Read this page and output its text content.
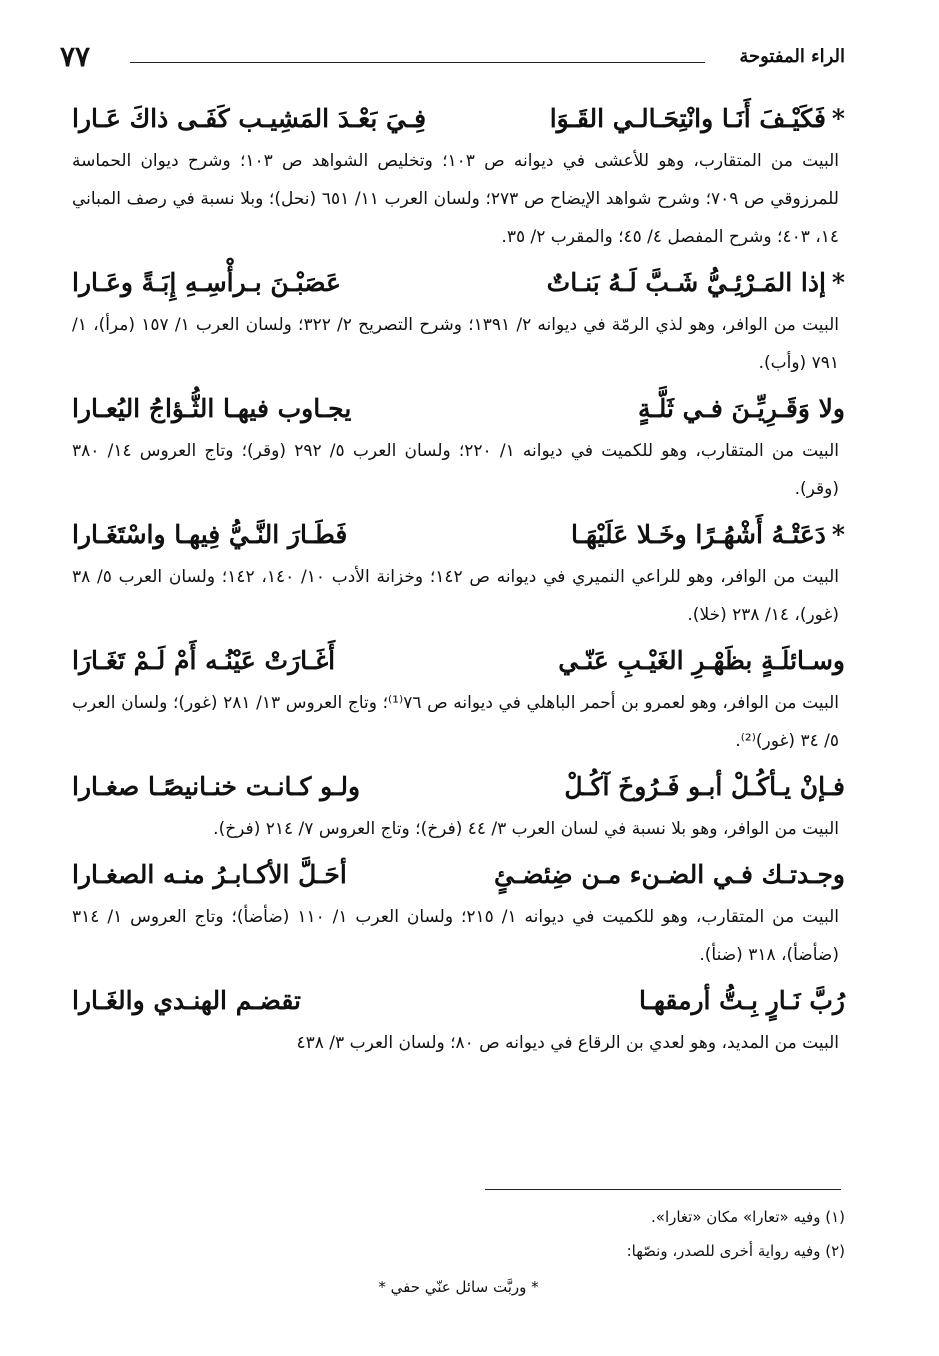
الراء المفتوحة
٧٧
*فَكَيْـفَ أَنَـا وانْتِحَـالـي القَـوَا
فِـيَ بَعْـدَ المَشِيـب كَفَـى ذاكَ عَـارا

البيت من المتقارب، وهو للأعشى في ديوانه ص ١٠٣؛ وتخليص الشواهد ص ١٠٣؛ وشرح ديوان الحماسة للمرزوقي ص ٧٠٩؛ وشرح شواهد الإيضاح ص ٢٧٣؛ ولسان العرب ١١/ ٦٥١ (نحل)؛ وبلا نسبة في رصف المباني ١٤، ٤٠٣؛ وشرح المفصل ٤/ ٤٥؛ والمقرب ٢/ ٣٥.

*إذا المَـرْئِـيُّ شَـبَّ لَـهُ بَنـاتٌ
عَصَبْـنَ بـرأْسِـهِ إِبَـةً وعَـارا

البيت من الوافر، وهو لذي الرمّة في ديوانه ٢/ ١٣٩١؛ وشرح التصريح ٢/ ٣٢٢؛ ولسان العرب ١/ ١٥٧ (مرأ)، ١/ ٧٩١ (وأب).

ولا وَقَـرِيِّـنَ فـي ثَلَّـةٍ
يجـاوب فيهـا الثُّـؤاجُ اليُعـارا

البيت من المتقارب، وهو للكميت في ديوانه ١/ ٢٢٠؛ ولسان العرب ٥/ ٢٩٢ (وقر)؛ وتاج العروس ١٤/ ٣٨٠ (وقر).

*دَعَتْـهُ أَشْهُـرًا وخَـلا عَلَيْهَـا
فَطَـارَ النَّـيُّ فِيهـا واسْتَغَـارا

البيت من الوافر، وهو للراعي النميري في ديوانه ص ١٤٢؛ وخزانة الأدب ١٠/ ١٤٠، ١٤٢؛ ولسان العرب ٥/ ٣٨ (غور)، ١٤/ ٢٣٨ (خلا).

وسـائلَـةٍ بظَهْـرِ الغَيْـبِ عَنّـي
أَغَـارَتْ عَيْنُـه أَمْ لَـمْ تَغَـارَا

البيت من الوافر، وهو لعمرو بن أحمر الباهلي في ديوانه ص ٧٦⁽¹⁾؛ وتاج العروس ١٣/ ٢٨١ (غور)؛ ولسان العرب ٥/ ٣٤ (غور)⁽²⁾.

فـإنْ يـأكُـلْ أبـو فَـرُوخَ آكُـلْ
ولـو كـانـت خنـانيصًـا صغـارا

البيت من الوافر، وهو بلا نسبة في لسان العرب ٣/ ٤٤ (فرخ)؛ وتاج العروس ٧/ ٢١٤ (فرخ).

وجـدتـك فـي الضـنء مـن ضِئضـئٍ
أحَـلَّ الأكـابـرُ منـه الصغـارا

البيت من المتقارب، وهو للكميت في ديوانه ١/ ٢١٥؛ ولسان العرب ١/ ١١٠ (ضأضأ)؛ وتاج العروس ١/ ٣١٤ (ضأضأ)، ٣١٨ (ضنأ).

رُبَّ نَـارٍ بِـتُّ أرمقهـا
تقضـم الهنـدي والغَـارا

البيت من المديد، وهو لعدي بن الرقاع في ديوانه ص ٨٠؛ ولسان العرب ٣/ ٤٣٨

(١) وفيه «تعارا» مكان «تغارا».

(٢) وفيه رواية أخرى للصدر، ونصّها:

* وربَّت سائل عنّي حفي *
